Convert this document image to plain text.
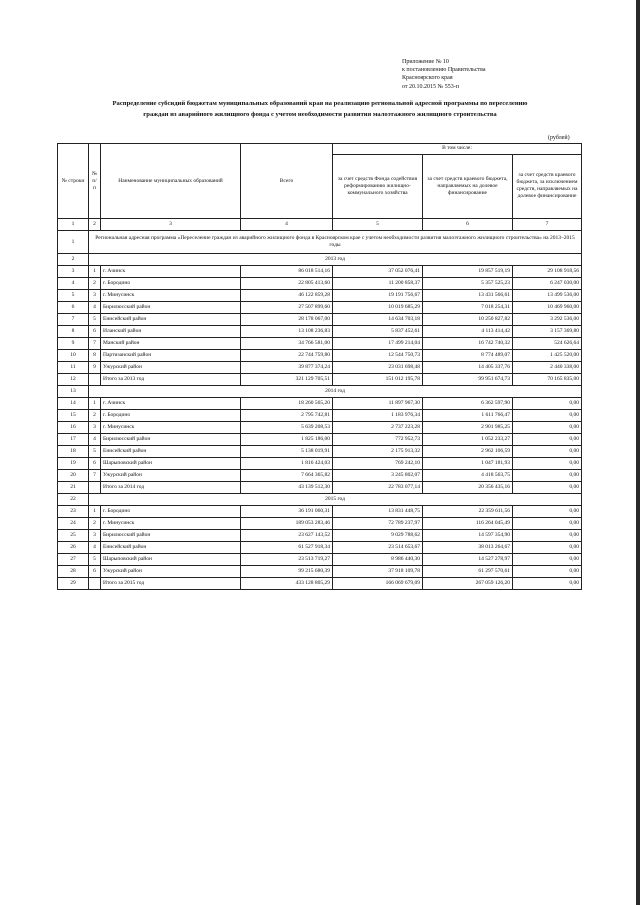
Приложение № 10
к постановлению Правительства
Красноярского края
от 20.10.2015 № 553-п
Распределение субсидий бюджетам муниципальных образований края на реализацию региональной адресной программы по переселению
граждан из аварийного жилищного фонда с учетом необходимости развития малоэтажного жилищного строительства
(рублей)
№ строки	№ п/п	Наименование муниципальных образований	Всего	В том числе:		
				за счет средств Фонда содействия реформированию жилищно-коммунального хозяйства	за счет средств краевого бюджета, направляемых на долевое финансирование	за счет средств краевого бюджета, за исключением средств, направляемых на долевое финансирование
1	2	3	4	5	6	7
1	Региональная адресная программа «Переселение граждан из аварийного жилищного фонда в Красноярском крае с учетом необходимости развития малоэтажного жилищного строительства» на 2013–2015 годы					
2	2013 год					
3	1	г. Ачинск	86 018 514,16	37 052 076,41	19 857 519,19	29 108 918,56
4	2	г. Бородино	22 805 413,60	11 200 858,37	5 357 525,23	6 247 030,00
5	3	г. Минусинск	46 122 859,28	19 191 756,67	13 431 566,61	13 499 536,00
6	4	Бирилюсский район	27 507 899,60	10 019 685,29	7 018 254,31	10 469 960,00
7	5	Енисейский район	28 178 067,00	14 634 703,18	10 250 827,82	3 292 536,00
8	6	Иланский район	13 108 236,83	5 837 452,61	4 113 414,42	3 157 369,80
9	7	Манский район	34 766 581,00	17 499 214,04	16 742 740,32	524 626,64
10	8	Партизанский район	22 744 759,80	12 544 750,73	8 774 489,07	1 425 520,00
11	9	Ужурский район	39 877 374,24	23 031 698,48	14 405 337,76	2 440 338,00
12		Итого за 2013 год	321 129 705,51	151 012 195,78	99 951 674,73	70 165 835,00
13	2014 год					
14	1	г. Ачинск	18 260 565,20	11 897 967,30	6 362 597,90	0,00
15	2	г. Бородино	2 795 742,81	1 183 976,34	1 611 766,47	0,00
16	3	г. Минусинск	5 639 208,53	2 737 223,28	2 901 985,25	0,00
17	4	Бирилюсский район	1 825 186,00	772 952,73	1 052 233,27	0,00
18	5	Енисейский район	5 138 019,91	2 175 913,32	2 962 106,59	0,00
19	6	Шарыповский район	1 816 424,03	769 242,10	1 047 181,93	0,00
20	7	Ужурский район	7 664 365,82	3 245 802,07	4 418 563,75	0,00
21		Итого за 2014 год	43 139 512,30	22 783 077,14	20 356 435,16	0,00
22	2015 год					
23	1	г. Бородино	36 191 060,31	13 831 448,75	22 359 611,56	0,00
24	2	г. Минусинск	189 053 283,46	72 789 237,97	116 264 045,49	0,00
25	3	Бирилюсский район	23 627 143,52	9 029 788,62	14 597 354,90	0,00
26	4	Енисейский район	61 527 918,34	23 514 653,67	38 013 264,67	0,00
27	5	Шарыповский район	23 513 719,27	8 986 440,30	14 527 278,97	0,00
28	6	Ужурский район	99 215 680,39	37 918 109,78	61 297 570,61	0,00
29		Итого за 2015 год	433 128 805,29	166 069 679,09	267 059 126,20	0,00
